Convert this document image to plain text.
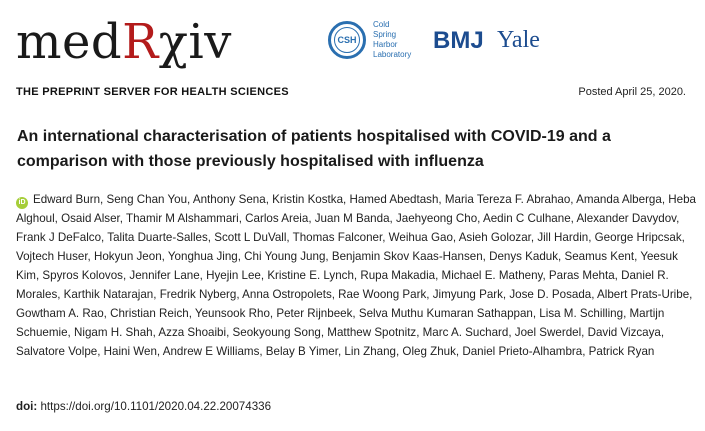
medRχiv
THE PREPRINT SERVER FOR HEALTH SCIENCES
CSH
Cold
Spring
Harbor
Laboratory
BMJ Yale
Posted April 25, 2020.
An international characterisation of patients hospitalised with COVID-19 and a comparison with those previously hospitalised with influenza
iD Edward Burn, Seng Chan You, Anthony Sena, Kristin Kostka, Hamed Abedtash, Maria Tereza F. Abrahao, Amanda Alberga, Heba Alghoul, Osaid Alser, Thamir M Alshammari, Carlos Areia, Juan M Banda, Jaehyeong Cho, Aedin C Culhane, Alexander Davydov, Frank J DeFalco, Talita Duarte-Salles, Scott L DuVall, Thomas Falconer, Weihua Gao, Asieh Golozar, Jill Hardin, George Hripcsak, Vojtech Huser, Hokyun Jeon, Yonghua Jing, Chi Young Jung, Benjamin Skov Kaas-Hansen, Denys Kaduk, Seamus Kent, Yeesuk Kim, Spyros Kolovos, Jennifer Lane, Hyejin Lee, Kristine E. Lynch, Rupa Makadia, Michael E. Matheny, Paras Mehta, Daniel R. Morales, Karthik Natarajan, Fredrik Nyberg, Anna Ostropolets, Rae Woong Park, Jimyung Park, Jose D. Posada, Albert Prats-Uribe, Gowtham A. Rao, Christian Reich, Yeunsook Rho, Peter Rijnbeek, Selva Muthu Kumaran Sathappan, Lisa M. Schilling, Martijn Schuemie, Nigam H. Shah, Azza Shoaibi, Seokyoung Song, Matthew Spotnitz, Marc A. Suchard, Joel Swerdel, David Vizcaya, Salvatore Volpe, Haini Wen, Andrew E Williams, Belay B Yimer, Lin Zhang, Oleg Zhuk, Daniel Prieto-Alhambra, Patrick Ryan
doi: https://doi.org/10.1101/2020.04.22.20074336
